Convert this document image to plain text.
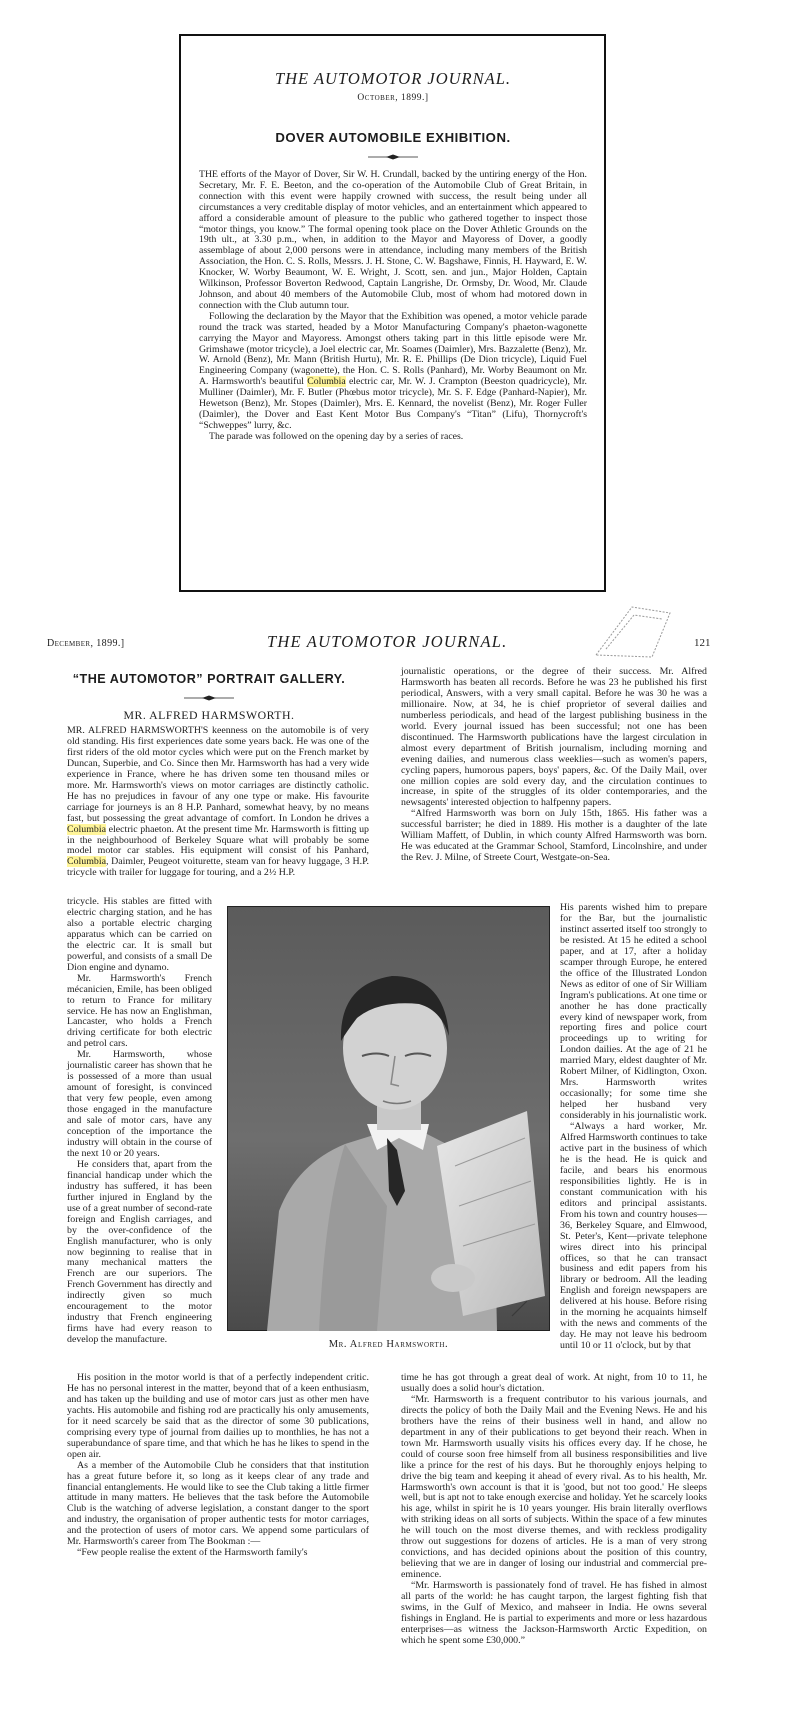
THE AUTOMOTOR JOURNAL.
October, 1899.]
DOVER AUTOMOBILE EXHIBITION.

THE efforts of the Mayor of Dover, Sir W. H. Crundall, backed by the untiring energy of the Hon. Secretary, Mr. F. E. Beeton, and the co-operation of the Automobile Club of Great Britain, in connection with this event were happily crowned with success, the result being under all circumstances a very creditable display of motor vehicles, and an entertainment which appeared to afford a considerable amount of pleasure to the public who gathered together to inspect those “motor things, you know.” The formal opening took place on the Dover Athletic Grounds on the 19th ult., at 3.30 p.m., when, in addition to the Mayor and Mayoress of Dover, a goodly assemblage of about 2,000 persons were in attendance, including many members of the British Association, the Hon. C. S. Rolls, Messrs. J. H. Stone, C. W. Bagshawe, Finnis, H. Hayward, E. W. Knocker, W. Worby Beaumont, W. E. Wright, J. Scott, sen. and jun., Major Holden, Captain Wilkinson, Professor Boverton Redwood, Captain Langrishe, Dr. Ormsby, Dr. Wood, Mr. Claude Johnson, and about 40 members of the Automobile Club, most of whom had motored down in connection with the Club autumn tour.

Following the declaration by the Mayor that the Exhibition was opened, a motor vehicle parade round the track was started, headed by a Motor Manufacturing Company's phaeton-wagonette carrying the Mayor and Mayoress. Amongst others taking part in this little episode were Mr. Grimshawe (motor tricycle), a Joel electric car, Mr. Soames (Daimler), Mrs. Bazzalette (Benz), Mr. W. Arnold (Benz), Mr. Mann (British Hurtu), Mr. R. E. Phillips (De Dion tricycle), Liquid Fuel Engineering Company (wagonette), the Hon. C. S. Rolls (Panhard), Mr. Worby Beaumont on Mr. A. Harmsworth's beautiful Columbia electric car, Mr. W. J. Crampton (Beeston quadricycle), Mr. Mulliner (Daimler), Mr. F. Butler (Phœbus motor tricycle), Mr. S. F. Edge (Panhard-Napier), Mr. Hewetson (Benz), Mr. Stopes (Daimler), Mrs. E. Kennard, the novelist (Benz), Mr. Roger Fuller (Daimler), the Dover and East Kent Motor Bus Company's “Titan” (Lifu), Thornycroft's “Schweppes” lurry, &c.

The parade was followed on the opening day by a series of races.

December, 1899.]	THE AUTOMOTOR JOURNAL.	121
“THE AUTOMOTOR” PORTRAIT GALLERY.
MR. ALFRED HARMSWORTH.

MR. ALFRED HARMSWORTH'S keenness on the automobile is of very old standing. His first experiences date some years back. He was one of the first riders of the old motor cycles which were put on the French market by Duncan, Superbie, and Co. Since then Mr. Harmsworth has had a very wide experience in France, where he has driven some ten thousand miles or more. Mr. Harmsworth's views on motor carriages are distinctly catholic. He has no prejudices in favour of any one type or make. His favourite carriage for journeys is an 8 H.P. Panhard, somewhat heavy, by no means fast, but possessing the great advantage of comfort. In London he drives a Columbia electric phaeton. At the present time Mr. Harmsworth is fitting up in the neighbourhood of Berkeley Square what will probably be some model motor car stables. His equipment will consist of his Panhard, Columbia, Daimler, Peugeot voiturette, steam van for heavy luggage, 3 H.P. tricycle with trailer for luggage for touring, and a 2½ H.P.

tricycle. His stables are fitted with electric charging station, and he has also a portable electric charging apparatus which can be carried on the electric car. It is small but powerful, and consists of a small De Dion engine and dynamo.

Mr. Harmsworth's French mécanicien, Emile, has been obliged to return to France for military service. He has now an Englishman, Lancaster, who holds a French driving certificate for both electric and petrol cars.

Mr. Harmsworth, whose journalistic career has shown that he is possessed of a more than usual amount of foresight, is convinced that very few people, even among those engaged in the manufacture and sale of motor cars, have any conception of the importance the industry will obtain in the course of the next 10 or 20 years.

He considers that, apart from the financial handicap under which the industry has suffered, it has been further injured in England by the use of a great number of second-rate foreign and English carriages, and by the over-confidence of the English manufacturer, who is only now beginning to realise that in many mechanical matters the French are our superiors. The French Government has directly and indirectly given so much encouragement to the motor industry that French engineering firms have had every reason to develop the manufacture.

journalistic operations, or the degree of their success. Mr. Alfred Harmsworth has beaten all records. Before he was 23 he published his first periodical, Answers, with a very small capital. Before he was 30 he was a millionaire. Now, at 34, he is chief proprietor of several dailies and numberless periodicals, and head of the largest publishing business in the world. Every journal issued has been successful; not one has been discontinued. The Harmsworth publications have the largest circulation in almost every department of British journalism, including morning and evening dailies, and numerous class weeklies—such as women's papers, cycling papers, humorous papers, boys' papers, &c. Of the Daily Mail, over one million copies are sold every day, and the circulation continues to increase, in spite of the struggles of its older contemporaries, and the newsagents' interested objection to halfpenny papers.

“Alfred Harmsworth was born on July 15th, 1865. His father was a successful barrister; he died in 1889. His mother is a daughter of the late William Maffett, of Dublin, in which county Alfred Harmsworth was born. He was educated at the Grammar School, Stamford, Lincolnshire, and under the Rev. J. Milne, of Streete Court, Westgate-on-Sea.

His parents wished him to prepare for the Bar, but the journalistic instinct asserted itself too strongly to be resisted. At 15 he edited a school paper, and at 17, after a holiday scamper through Europe, he entered the office of the Illustrated London News as editor of one of Sir William Ingram's publications. At one time or another he has done practically every kind of newspaper work, from reporting fires and police court proceedings up to writing for London dailies. At the age of 21 he married Mary, eldest daughter of Mr. Robert Milner, of Kidlington, Oxon. Mrs. Harmsworth writes occasionally; for some time she helped her husband very considerably in his journalistic work.

“Always a hard worker, Mr. Alfred Harmsworth continues to take active part in the business of which he is the head. He is quick and facile, and bears his enormous responsibilities lightly. He is in constant communication with his editors and principal assistants. From his town and country houses—36, Berkeley Square, and Elmwood, St. Peter's, Kent—private telephone wires direct into his principal offices, so that he can transact business and edit papers from his library or bedroom. All the leading English and foreign newspapers are delivered at his house. Before rising in the morning he acquaints himself with the news and comments of the day. He may not leave his bedroom until 10 or 11 o'clock, but by that

Mr. Alfred Harmsworth.

His position in the motor world is that of a perfectly independent critic. He has no personal interest in the matter, beyond that of a keen enthusiasm, and has taken up the building and use of motor cars just as other men have yachts. His automobile and fishing rod are practically his only amusements, for it need scarcely be said that as the director of some 30 publications, comprising every type of journal from dailies up to monthlies, he has not a superabundance of spare time, and that which he has he likes to spend in the open air.

As a member of the Automobile Club he considers that that institution has a great future before it, so long as it keeps clear of any trade and financial entanglements. He would like to see the Club taking a little firmer attitude in many matters. He believes that the task before the Automobile Club is the watching of adverse legislation, a constant danger to the sport and industry, the organisation of proper authentic tests for motor carriages, and the protection of users of motor cars. We append some particulars of Mr. Harmsworth's career from The Bookman :—

“Few people realise the extent of the Harmsworth family's

time he has got through a great deal of work. At night, from 10 to 11, he usually does a solid hour's dictation.

“Mr. Harmsworth is a frequent contributor to his various journals, and directs the policy of both the Daily Mail and the Evening News. He and his brothers have the reins of their business well in hand, and allow no department in any of their publications to get beyond their reach. When in town Mr. Harmsworth usually visits his offices every day. If he chose, he could of course soon free himself from all business responsibilities and live like a prince for the rest of his days. But he thoroughly enjoys helping to drive the big team and keeping it ahead of every rival. As to his health, Mr. Harmsworth's own account is that it is 'good, but not too good.' He sleeps well, but is apt not to take enough exercise and holiday. Yet he scarcely looks his age, whilst in spirit he is 10 years younger. His brain literally overflows with striking ideas on all sorts of subjects. Within the space of a few minutes he will touch on the most diverse themes, and with reckless prodigality throw out suggestions for dozens of articles. He is a man of very strong convictions, and has decided opinions about the position of this country, believing that we are in danger of losing our industrial and commercial pre-eminence.

“Mr. Harmsworth is passionately fond of travel. He has fished in almost all parts of the world: he has caught tarpon, the largest fighting fish that swims, in the Gulf of Mexico, and mahseer in India. He owns several fishings in England. He is partial to experiments and more or less hazardous enterprises—as witness the Jackson-Harmsworth Arctic Expedition, on which he spent some £30,000.”
